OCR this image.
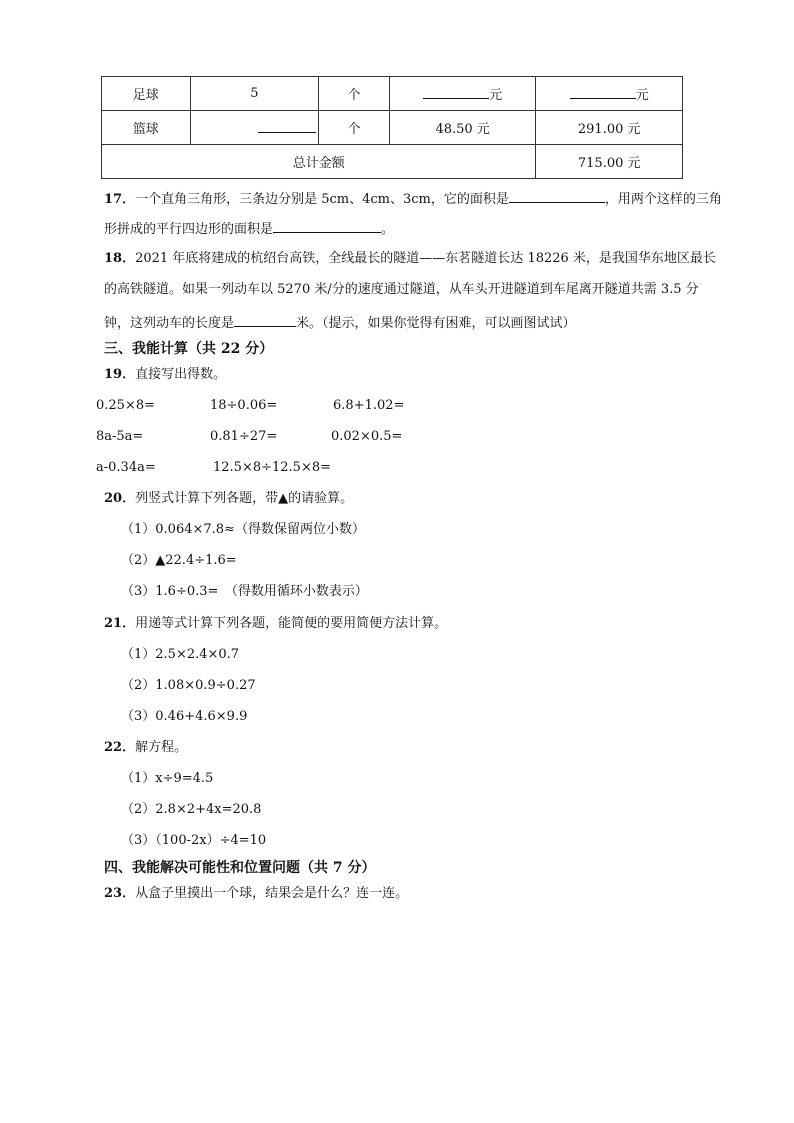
足球	5	个	元	元
篮球		个	48.50 元	291.00 元
总计金额				715.00 元
17．一个直角三角形，三条边分别是 5cm、4cm、3cm，它的面积是	，用两个这样的三角
形拼成的平行四边形的面积是	。
18．2021 年底将建成的杭绍台高铁，全线最长的隧道——东茗隧道长达 18226 米，是我国华东地区最长
的高铁隧道。如果一列动车以 5270 米/分的速度通过隧道，从车头开进隧道到车尾离开隧道共需 3.5 分
钟，这列动车的长度是	米。（提示，如果你觉得有困难，可以画图试试）
三、我能计算（共 22 分）
19．直接写出得数。
0.25×8=	18÷0.06=	6.8+1.02=
8a-5a=	0.81÷27=	0.02×0.5=
a-0.34a=	12.5×8÷12.5×8=
20．列竖式计算下列各题，带▲的请验算。
（1）0.064×7.8≈（得数保留两位小数）
（2）▲22.4÷1.6=
（3）1.6÷0.3=　（得数用循环小数表示）
21．用递等式计算下列各题，能简便的要用简便方法计算。
（1）2.5×2.4×0.7
（2）1.08×0.9÷0.27
（3）0.46+4.6×9.9
22．解方程。
（1）x÷9=4.5
（2）2.8×2+4x=20.8
（3）（100-2x）÷4=10
四、我能解决可能性和位置问题（共 7 分）
23．从盒子里摸出一个球，结果会是什么？连一连。
